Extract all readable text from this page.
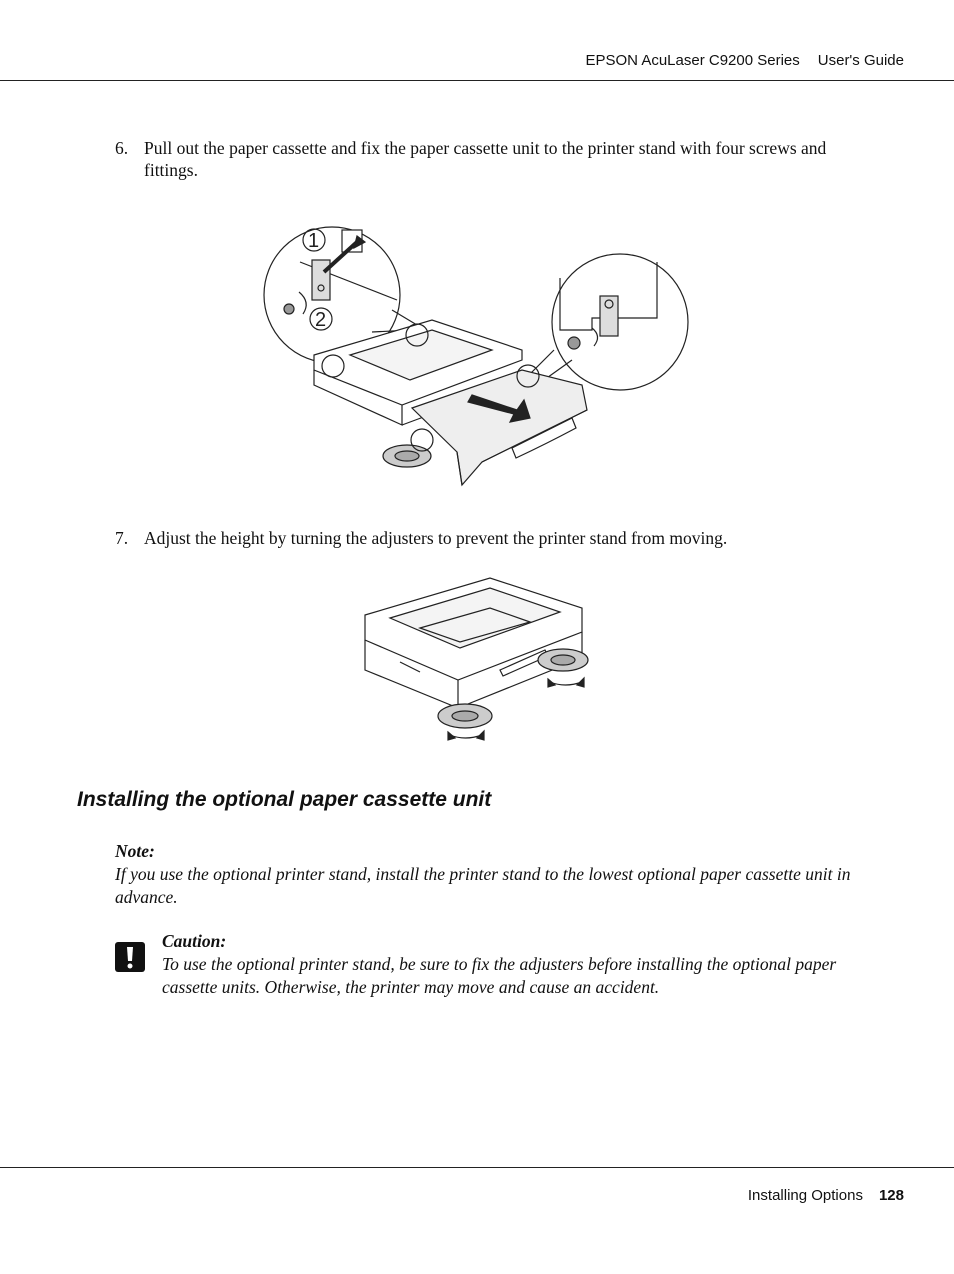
EPSON AcuLaser C9200 Series User's Guide
6. Pull out the paper cassette and fix the paper cassette unit to the printer stand with four screws and fittings.
1
2
7. Adjust the height by turning the adjusters to prevent the printer stand from moving.
Installing the optional paper cassette unit
Note:
If you use the optional printer stand, install the printer stand to the lowest optional paper cassette unit in advance.
Caution:
To use the optional printer stand, be sure to fix the adjusters before installing the optional paper cassette units. Otherwise, the printer may move and cause an accident.
Installing Options 128
